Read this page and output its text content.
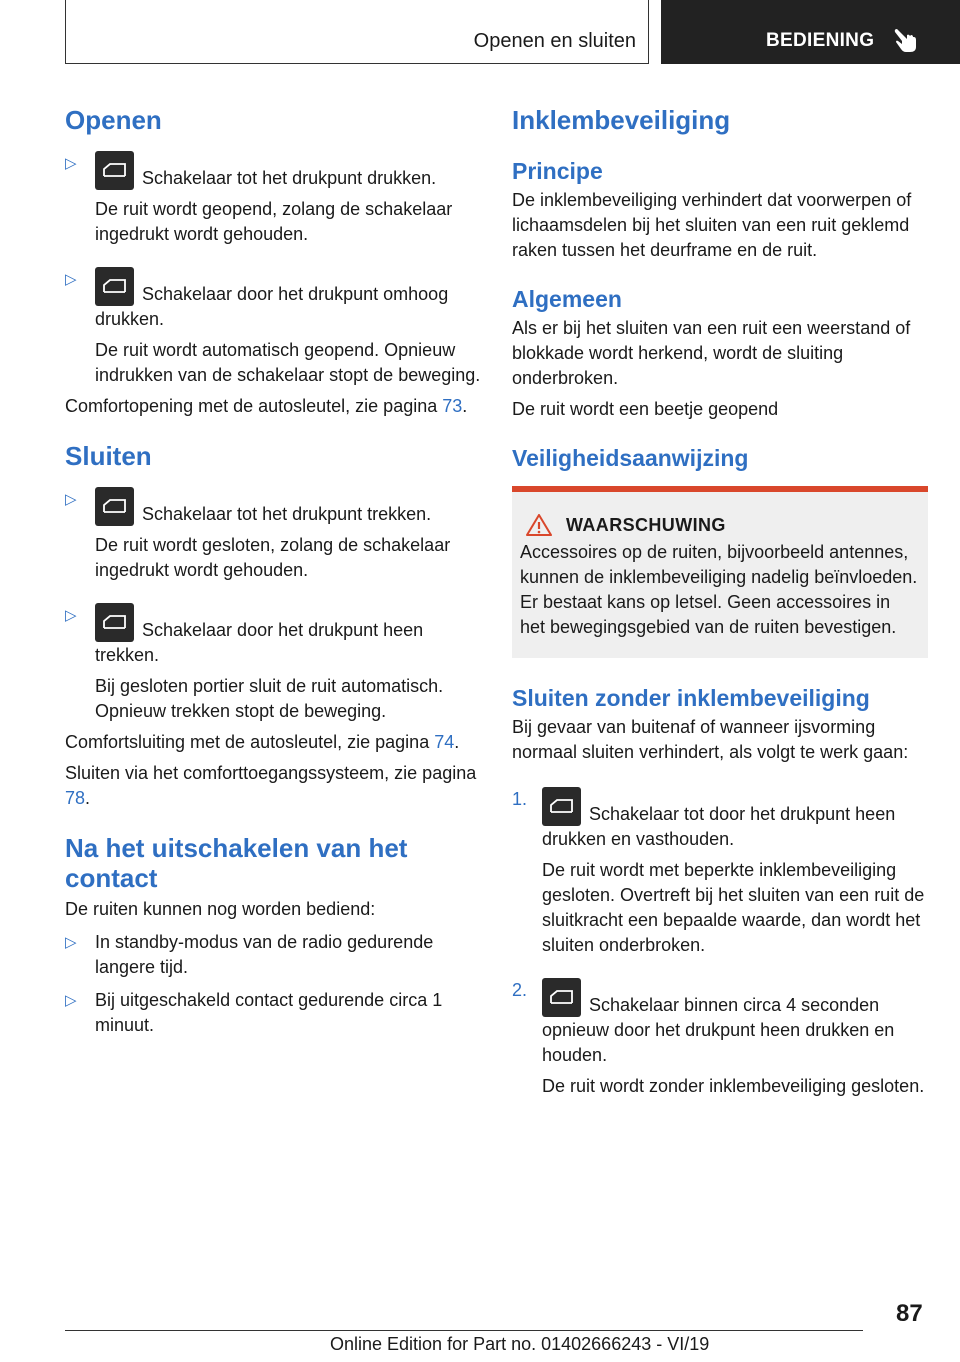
Openen en sluiten	BEDIENING
Openen
▷

Schakelaar tot het drukpunt drukken.

De ruit wordt geopend, zolang de schakelaar ingedrukt wordt gehouden.

▷

Schakelaar door het drukpunt omhoog drukken.

De ruit wordt automatisch geopend. Opnieuw indrukken van de schakelaar stopt de beweging.

Comfortopening met de autosleutel, zie pagina 73.

Sluiten
▷

Schakelaar tot het drukpunt trekken.

De ruit wordt gesloten, zolang de schakelaar ingedrukt wordt gehouden.

▷

Schakelaar door het drukpunt heen trekken.

Bij gesloten portier sluit de ruit automatisch. Opnieuw trekken stopt de beweging.

Comfortsluiting met de autosleutel, zie pagina 74.

Sluiten via het comforttoegangssysteem, zie pagina 78.

Na het uitschakelen van het contact

De ruiten kunnen nog worden bediend:

▷ In standby-modus van de radio gedurende langere tijd.

▷ Bij uitgeschakeld contact gedurende circa 1 minuut.

Inklembeveiliging
Principe

De inklembeveiliging verhindert dat voorwerpen of lichaamsdelen bij het sluiten van een ruit geklemd raken tussen het deurframe en de ruit.

Algemeen

Als er bij het sluiten van een ruit een weerstand of blokkade wordt herkend, wordt de sluiting onderbroken.

De ruit wordt een beetje geopend

Veiligheidsaanwijzing
WAARSCHUWING

Accessoires op de ruiten, bijvoorbeeld antennes, kunnen de inklembeveiliging nadelig beïnvloeden. Er bestaat kans op letsel. Geen accessoires in het bewegingsgebied van de ruiten bevestigen.

Sluiten zonder inklembeveiliging

Bij gevaar van buitenaf of wanneer ijsvorming normaal sluiten verhindert, als volgt te werk gaan:

1.

Schakelaar tot door het drukpunt heen drukken en vasthouden.

De ruit wordt met beperkte inklembeveiliging gesloten. Overtreft bij het sluiten van een ruit de sluitkracht een bepaalde waarde, dan wordt het sluiten onderbroken.

2.

Schakelaar binnen circa 4 seconden opnieuw door het drukpunt heen drukken en houden.

De ruit wordt zonder inklembeveiliging gesloten.

87
Online Edition for Part no. 01402666243 - VI/19
